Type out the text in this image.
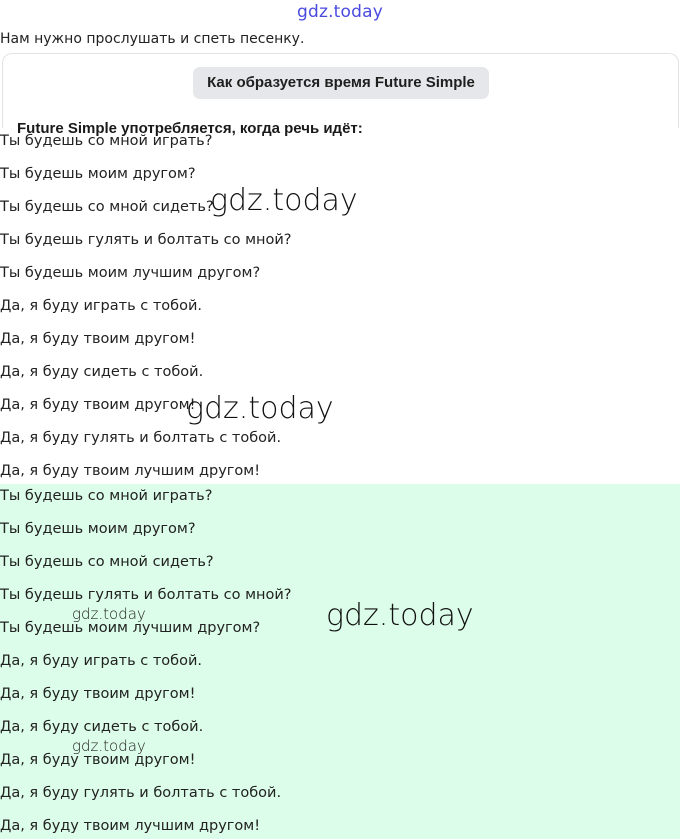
gdz.today
Нам нужно прослушать и спеть песенку.
Как образуется время Future Simple
Future Simple употребляется, когда речь идёт:
Ты будешь со мной играть?
Ты будешь моим другом?
Ты будешь со мной сидеть?
Ты будешь гулять и болтать со мной?
Ты будешь моим лучшим другом?
Да, я буду играть с тобой.
Да, я буду твоим другом!
Да, я буду сидеть с тобой.
Да, я буду твоим другом!
Да, я буду гулять и болтать с тобой.
Да, я буду твоим лучшим другом!
Ты будешь со мной играть?
Ты будешь моим другом?
Ты будешь со мной сидеть?
Ты будешь гулять и болтать со мной?
Ты будешь моим лучшим другом?
Да, я буду играть с тобой.
Да, я буду твоим другом!
Да, я буду сидеть с тобой.
Да, я буду твоим другом!
Да, я буду гулять и болтать с тобой.
Да, я буду твоим лучшим другом!
gdz.today
gdz.today
gdz.today
gdz.today
gdz.today
